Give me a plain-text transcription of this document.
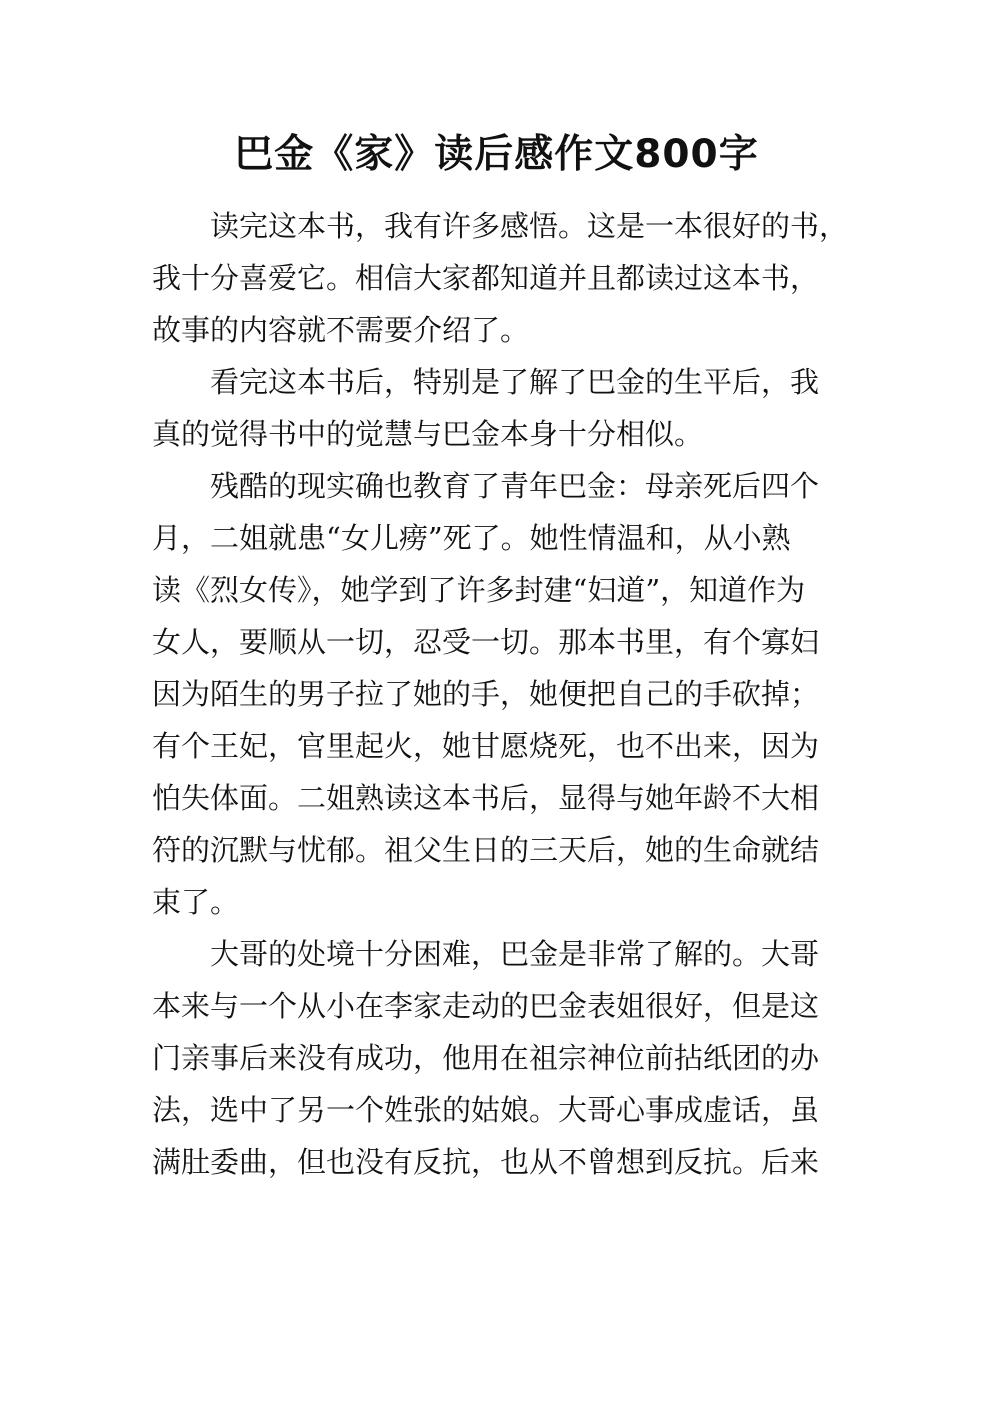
巴金《家》读后感作文800字

读完这本书，我有许多感悟。这是一本很好的书，

我十分喜爱它。相信大家都知道并且都读过这本书，

故事的内容就不需要介绍了。

看完这本书后，特别是了解了巴金的生平后，我

真的觉得书中的觉慧与巴金本身十分相似。

残酷的现实确也教育了青年巴金：母亲死后四个

月，二姐就患“女儿痨”死了。她性情温和，从小熟

读《烈女传》，她学到了许多封建“妇道”，知道作为

女人，要顺从一切，忍受一切。那本书里，有个寡妇

因为陌生的男子拉了她的手，她便把自己的手砍掉；

有个王妃，官里起火，她甘愿烧死，也不出来，因为

怕失体面。二姐熟读这本书后，显得与她年龄不大相

符的沉默与忧郁。祖父生日的三天后，她的生命就结

束了。

大哥的处境十分困难，巴金是非常了解的。大哥

本来与一个从小在李家走动的巴金表姐很好，但是这

门亲事后来没有成功，他用在祖宗神位前拈纸团的办

法，选中了另一个姓张的姑娘。大哥心事成虚话，虽

满肚委曲，但也没有反抗，也从不曾想到反抗。后来
